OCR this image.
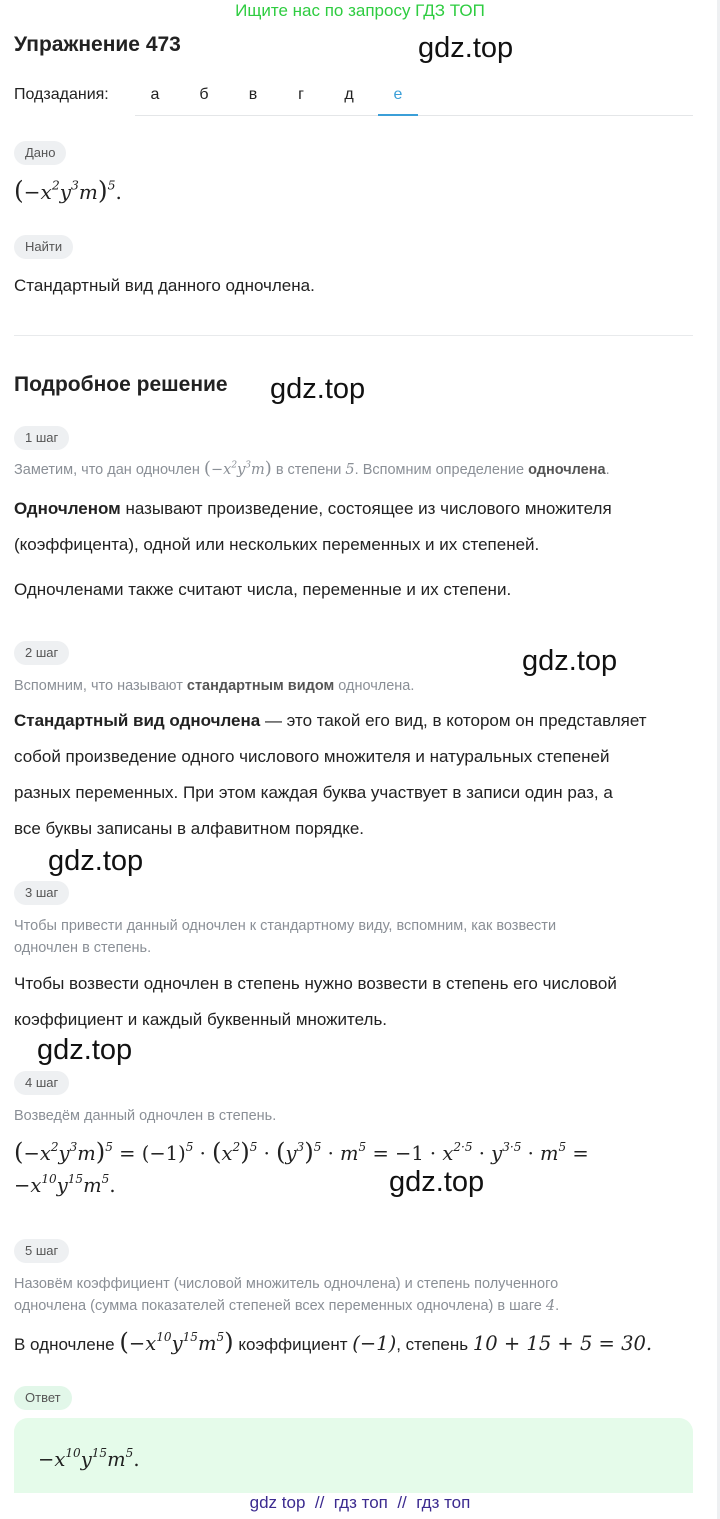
Ищите нас по запросу ГДЗ ТОП
Упражнение 473	gdz.top
Подзадания:	а	б	в	г	д	е
Дано
$(-x^2y^3m)^5$.
Найти
Стандартный вид данного одночлена.
Подробное решение gdz.top
1 шаг
Заметим, что дан одночлен $(-x^2y^3m)$ в степени 5. Вспомним определение одночлена.
Одночленом называют произведение, состоящее из числового множителя
(коэффицента), одной или нескольких переменных и их степеней.
Одночленами также считают числа, переменные и их степени.
2 шаг	gdz.top
Вспомним, что называют стандартным видом одночлена.
Стандартный вид одночлена — это такой его вид, в котором он представляет
собой произведение одного числового множителя и натуральных степеней
разных переменных. При этом каждая буква участвует в записи один раз, а
все буквы записаны в алфавитном порядке.
gdz.top
3 шаг
Чтобы привести данный одночлен к стандартному виду, вспомним, как возвести
одночлен в степень.
Чтобы возвести одночлен в степень нужно возвести в степень его числовой
коэффициент и каждый буквенный множитель.
gdz.top
4 шаг
Возведём данный одночлен в степень.
$(-x^2y^3m)^5 = (-1)^5 \cdot (x^2)^5 \cdot (y^3)^5 \cdot m^5 = -1 \cdot x^{2\cdot 5} \cdot y^{3\cdot 5} \cdot m^5$ =
$-x^{10}y^{15}m^5$.	gdz.top
5 шаг
Назовём коэффициент (числовой множитель одночлена) и степень полученного
одночлена (сумма показателей степеней всех переменных одночлена) в шаге 4.
В одночлене $(-x^{10}y^{15}m^5)$ коэффициент (−1), степень 10 + 15 + 5 = 30.
Ответ
$-x^{10}y^{15}m^5$.
gdz top  //  гдз топ  //  гдз топ
